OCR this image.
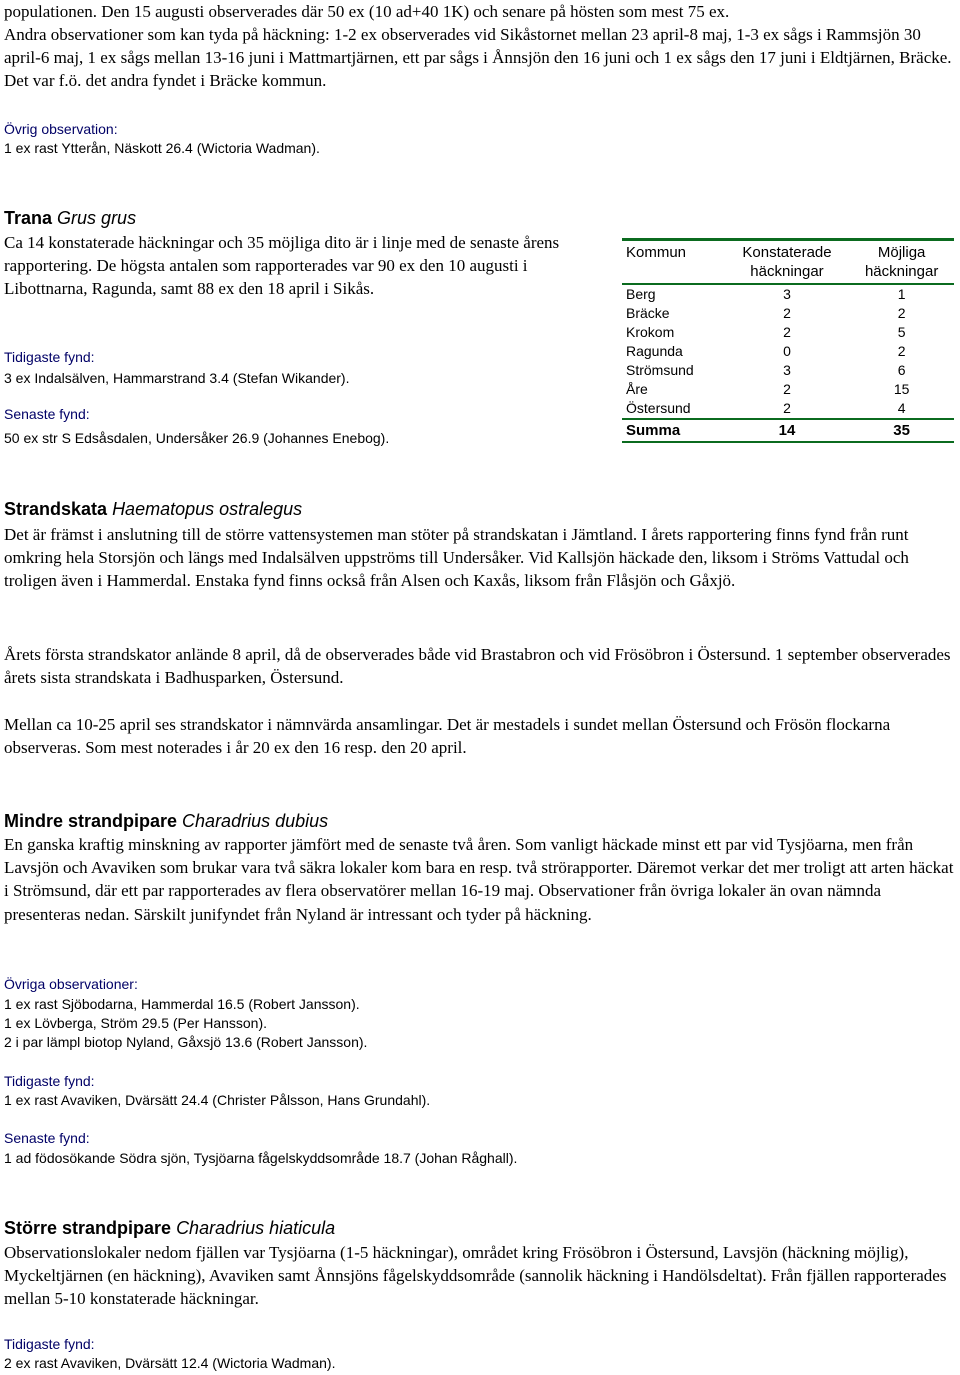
populationen. Den 15 augusti observerades där 50 ex (10 ad+40 1K) och senare på hösten som mest 75 ex.

Andra observationer som kan tyda på häckning: 1-2 ex observerades vid Sikåstornet mellan 23 april-8 maj, 1-3 ex sågs i Rammsjön 30 april-6 maj, 1 ex sågs mellan 13-16 juni i Mattmartjärnen, ett par sågs i Ånnsjön den 16 juni och 1 ex sågs den 17 juni i Eldtjärnen, Bräcke. Det var f.ö. det andra fyndet i Bräcke kommun.

Övrig observation:

1 ex rast Ytterån, Näskott 26.4 (Wictoria Wadman).

Trana Grus grus

Ca 14 konstaterade häckningar och 35 möjliga dito är i linje med de senaste årens rapportering. De högsta antalen som rapporterades var 90 ex den 10 augusti i Libottnarna, Ragunda, samt 88 ex den 18 april i Sikås.

Tidigaste fynd:

3 ex Indalsälven, Hammarstrand 3.4 (Stefan Wikander).

Senaste fynd:

50 ex str S Edsåsdalen, Undersåker 26.9 (Johannes Enebog).

Kommun	Konstaterade häckningar	Möjliga häckningar
Berg	3	1
Bräcke	2	2
Krokom	2	5
Ragunda	0	2
Strömsund	3	6
Åre	2	15
Östersund	2	4
Summa	14	35

Strandskata Haematopus ostralegus

Det är främst i anslutning till de större vattensystemen man stöter på strandskatan i Jämtland. I årets rapportering finns fynd från runt omkring hela Storsjön och längs med Indalsälven uppströms till Undersåker. Vid Kallsjön häckade den, liksom i Ströms Vattudal och troligen även i Hammerdal. Enstaka fynd finns också från Alsen och Kaxås, liksom från Flåsjön och Gåxjö.

Årets första strandskator anlände 8 april, då de observerades både vid Brastabron och vid Frösöbron i Östersund. 1 september observerades årets sista strandskata i Badhusparken, Östersund.

Mellan ca 10-25 april ses strandskator i nämnvärda ansamlingar. Det är mestadels i sundet mellan Östersund och Frösön flockarna observeras. Som mest noterades i år 20 ex den 16 resp. den 20 april.

Mindre strandpipare Charadrius dubius

En ganska kraftig minskning av rapporter jämfört med de senaste två åren. Som vanligt häckade minst ett par vid Tysjöarna, men från Lavsjön och Avaviken som brukar vara två säkra lokaler kom bara en resp. två strörapporter. Däremot verkar det mer troligt att arten häckat i Strömsund, där ett par rapporterades av flera observatörer mellan 16-19 maj. Observationer från övriga lokaler än ovan nämnda presenteras nedan. Särskilt junifyndet från Nyland är intressant och tyder på häckning.

Övriga observationer:

1 ex rast Sjöbodarna, Hammerdal 16.5 (Robert Jansson).

1 ex Lövberga, Ström 29.5 (Per Hansson).

2 i par lämpl biotop Nyland, Gåxsjö 13.6 (Robert Jansson).

Tidigaste fynd:

1 ex rast Avaviken, Dvärsätt 24.4 (Christer Pålsson, Hans Grundahl).

Senaste fynd:

1 ad födosökande Södra sjön, Tysjöarna fågelskyddsområde 18.7 (Johan Råghall).

Större strandpipare Charadrius hiaticula

Observationslokaler nedom fjällen var Tysjöarna (1-5 häckningar), området kring Frösöbron i Östersund, Lavsjön (häckning möjlig), Myckeltjärnen (en häckning), Avaviken samt Ånnsjöns fågelskyddsområde (sannolik häckning i Handölsdeltat). Från fjällen rapporterades mellan 5-10 konstaterade häckningar.

Tidigaste fynd:

2 ex rast Avaviken, Dvärsätt 12.4 (Wictoria Wadman).
